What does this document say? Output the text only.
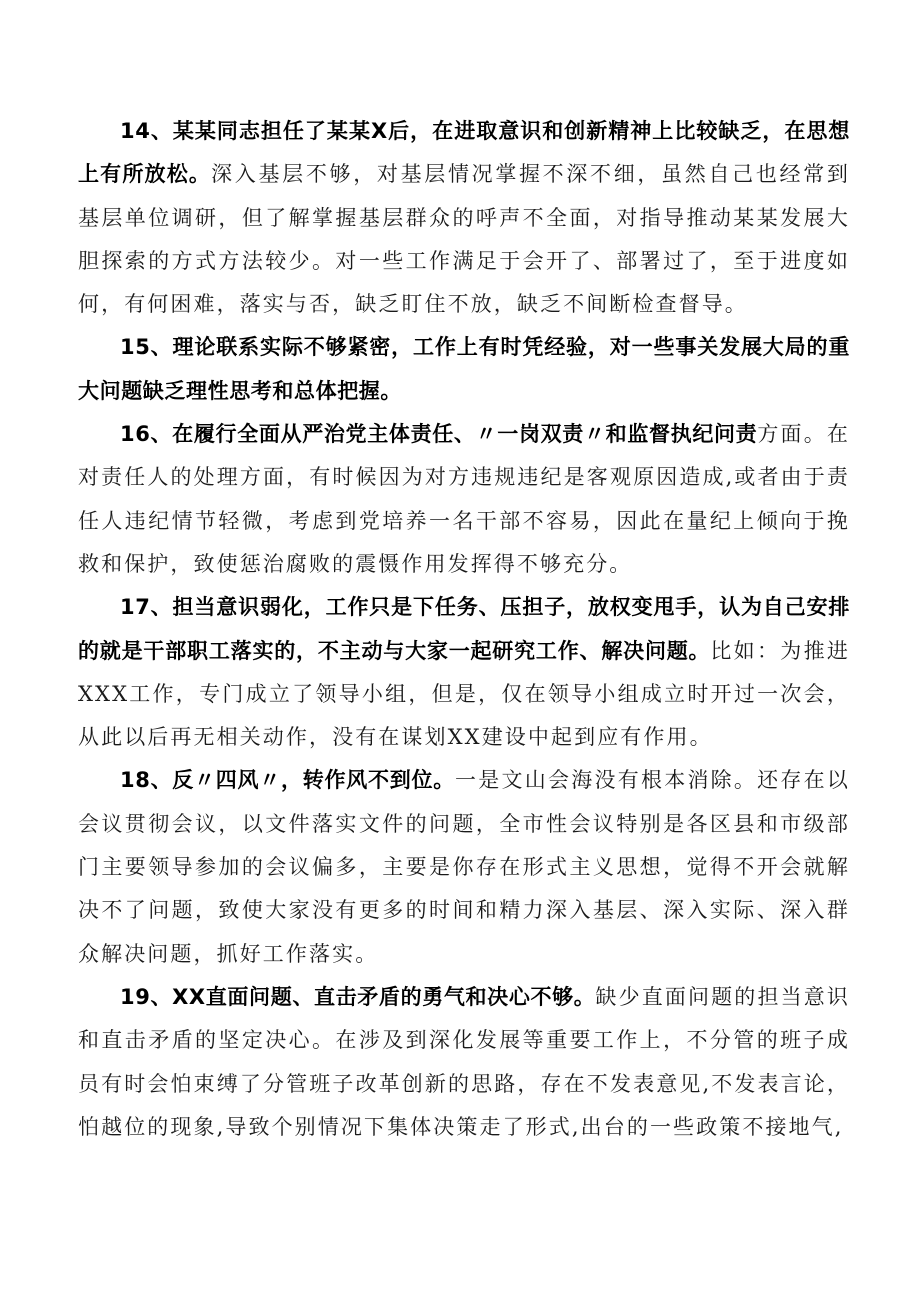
14、某某同志担任了某某X后，在进取意识和创新精神上比较缺乏，在思想上有所放松。深入基层不够，对基层情况掌握不深不细，虽然自己也经常到基层单位调研，但了解掌握基层群众的呼声不全面，对指导推动某某发展大胆探索的方式方法较少。对一些工作满足于会开了、部署过了，至于进度如何，有何困难，落实与否，缺乏盯住不放，缺乏不间断检查督导。

15、理论联系实际不够紧密，工作上有时凭经验，对一些事关发展大局的重大问题缺乏理性思考和总体把握。

16、在履行全面从严治党主体责任、〃一岗双责〃和监督执纪问责方面。在对责任人的处理方面，有时候因为对方违规违纪是客观原因造成,或者由于责任人违纪情节轻微，考虑到党培养一名干部不容易，因此在量纪上倾向于挽救和保护，致使惩治腐败的震慑作用发挥得不够充分。

17、担当意识弱化，工作只是下任务、压担子，放权变甩手，认为自己安排的就是干部职工落实的，不主动与大家一起研究工作、解决问题。比如：为推进XXX工作，专门成立了领导小组，但是，仅在领导小组成立时开过一次会，从此以后再无相关动作，没有在谋划XX建设中起到应有作用。

18、反〃四风〃，转作风不到位。一是文山会海没有根本消除。还存在以会议贯彻会议，以文件落实文件的问题，全市性会议特别是各区县和市级部门主要领导参加的会议偏多，主要是你存在形式主义思想，觉得不开会就解决不了问题，致使大家没有更多的时间和精力深入基层、深入实际、深入群众解决问题，抓好工作落实。

19、XX直面问题、直击矛盾的勇气和决心不够。缺少直面问题的担当意识和直击矛盾的坚定决心。在涉及到深化发展等重要工作上，不分管的班子成员有时会怕束缚了分管班子改革创新的思路，存在不发表意见,不发表言论，怕越位的现象,导致个别情况下集体决策走了形式,出台的一些政策不接地气,
